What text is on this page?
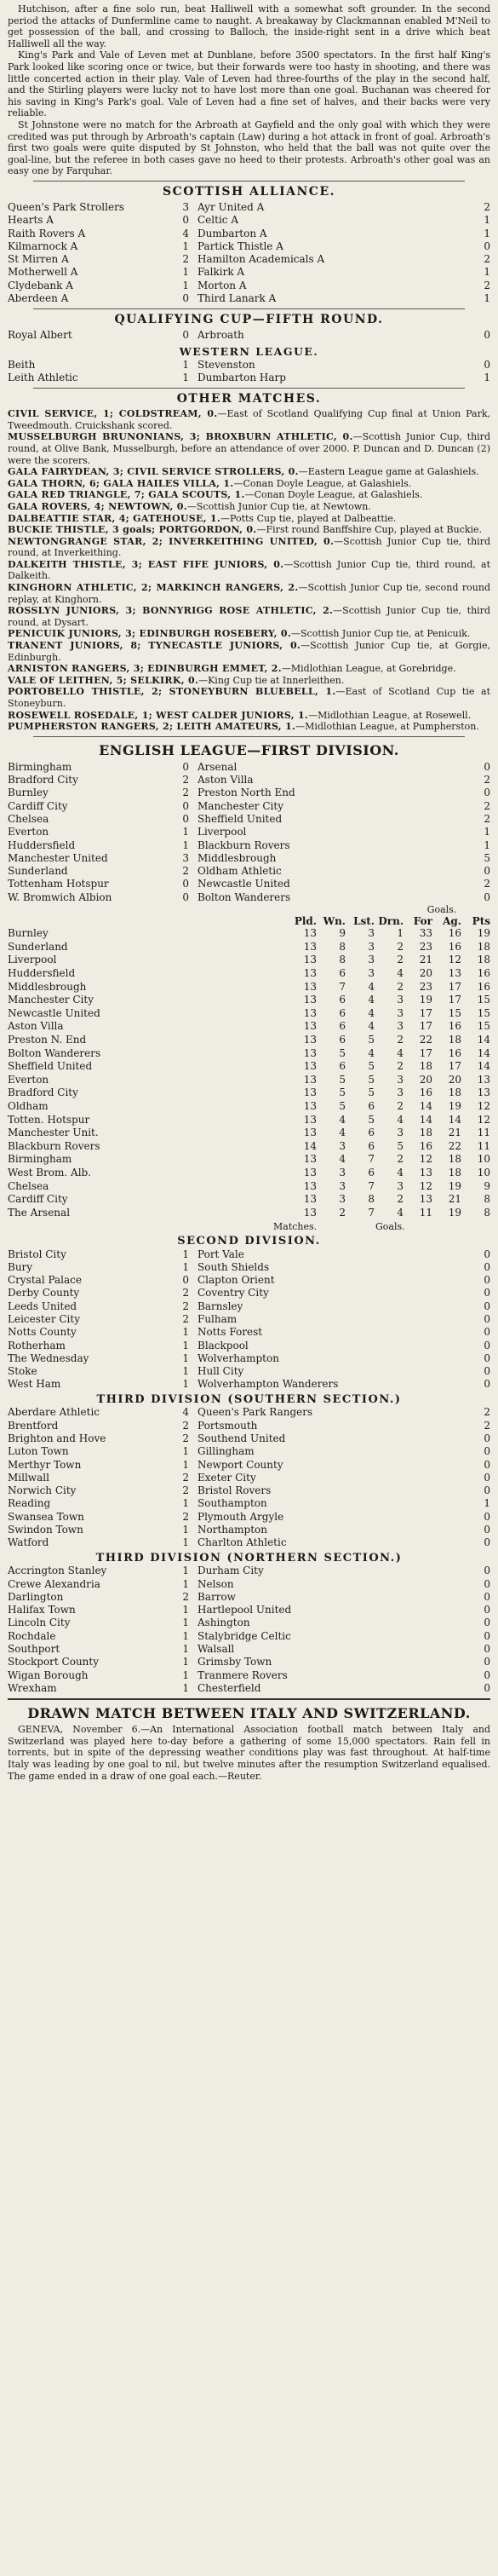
Hutchison, after a fine solo run, beat Halliwell with a somewhat soft grounder. In the second period the attacks of Dunfermline came to naught. A breakaway by Clackmannan enabled M'Neil to get possession of the ball, and crossing to Balloch, the inside-right sent in a drive which beat Halliwell all the way.

King's Park and Vale of Leven met at Dunblane, before 3500 spectators. In the first half King's Park looked like scoring once or twice, but their forwards were too hasty in shooting, and there was little concerted action in their play. Vale of Leven had three-fourths of the play in the second half, and the Stirling players were lucky not to have lost more than one goal. Buchanan was cheered for his saving in King's Park's goal. Vale of Leven had a fine set of halves, and their backs were very reliable.

St Johnstone were no match for the Arbroath at Gayfield and the only goal with which they were credited was put through by Arbroath's captain (Law) during a hot attack in front of goal. Arbroath's first two goals were quite disputed by St Johnston, who held that the ball was not quite over the goal-line, but the referee in both cases gave no heed to their protests. Arbroath's other goal was an easy one by Farquhar.

SCOTTISH ALLIANCE.
Queen's Park Strollers	3 Ayr United A	2
Hearts A	0 Celtic A	1
Raith Rovers A	4 Dumbarton A	1
Kilmarnock A	1 Partick Thistle A	0
St Mirren A	2 Hamilton Academicals A	2
Motherwell A	1 Falkirk A	1
Clydebank A	1 Morton A	2
Aberdeen A	0 Third Lanark A	1
QUALIFYING CUP—FIFTH ROUND.
Royal Albert	0 Arbroath	0
WESTERN LEAGUE.
Beith	1 Stevenston	0
Leith Athletic	1 Dumbarton Harp	1
OTHER MATCHES.

CIVIL SERVICE, 1; COLDSTREAM, 0.—East of Scotland Qualifying Cup final at Union Park, Tweedmouth. Cruickshank scored.

MUSSELBURGH BRUNONIANS, 3; BROXBURN ATHLETIC, 0.—Scottish Junior Cup, third round, at Olive Bank, Musselburgh, before an attendance of over 2000. P. Duncan and D. Duncan (2) were the scorers.

GALA FAIRYDEAN, 3; CIVIL SERVICE STROLLERS, 0.—Eastern League game at Galashiels.

GALA THORN, 6; GALA HAILES VILLA, 1.—Conan Doyle League, at Galashiels.

GALA RED TRIANGLE, 7; GALA SCOUTS, 1.—Conan Doyle League, at Galashiels.

GALA ROVERS, 4; NEWTOWN, 0.—Scottish Junior Cup tie, at Newtown.

DALBEATTIE STAR, 4; GATEHOUSE, 1.—Potts Cup tie, played at Dalbeattie.

BUCKIE THISTLE, 3 goals; PORTGORDON, 0.—First round Banffshire Cup, played at Buckie.

NEWTONGRANGE STAR, 2; INVERKEITHING UNITED, 0.—Scottish Junior Cup tie, third round, at Inverkeithing.

DALKEITH THISTLE, 3; EAST FIFE JUNIORS, 0.—Scottish Junior Cup tie, third round, at Dalkeith.

KINGHORN ATHLETIC, 2; MARKINCH RANGERS, 2.—Scottish Junior Cup tie, second round replay, at Kinghorn.

ROSSLYN JUNIORS, 3; BONNYRIGG ROSE ATHLETIC, 2.—Scottish Junior Cup tie, third round, at Dysart.

PENICUIK JUNIORS, 3; EDINBURGH ROSEBERY, 0.—Scottish Junior Cup tie, at Penicuik.

TRANENT JUNIORS, 8; TYNECASTLE JUNIORS, 0.—Scottish Junior Cup tie, at Gorgie, Edinburgh.

ARNISTON RANGERS, 3; EDINBURGH EMMET, 2.—Midlothian League, at Gorebridge.

VALE OF LEITHEN, 5; SELKIRK, 0.—King Cup tie at Innerleithen.

PORTOBELLO THISTLE, 2; STONEYBURN BLUEBELL, 1.—East of Scotland Cup tie at Stoneyburn.

ROSEWELL ROSEDALE, 1; WEST CALDER JUNIORS, 1.—Midlothian League, at Rosewell.

PUMPHERSTON RANGERS, 2; LEITH AMATEURS, 1.—Midlothian League, at Pumpherston.

ENGLISH LEAGUE—FIRST DIVISION.
Birmingham	0 Arsenal	0
Bradford City	2 Aston Villa	2
Burnley	2 Preston North End	0
Cardiff City	0 Manchester City	2
Chelsea	0 Sheffield United	2
Everton	1 Liverpool	1
Huddersfield	1 Blackburn Rovers	1
Manchester United	3 Middlesbrough	5
Sunderland	2 Oldham Athletic	0
Tottenham Hotspur	0 Newcastle United	2
W. Bromwich Albion	0 Bolton Wanderers	0
Goals.
	Pld.	Wn.	Lst.	Drn.	For	Ag.	Pts
Burnley	13	9	3	1	33	16	19
Sunderland	13	8	3	2	23	16	18
Liverpool	13	8	3	2	21	12	18
Huddersfield	13	6	3	4	20	13	16
Middlesbrough	13	7	4	2	23	17	16
Manchester City	13	6	4	3	19	17	15
Newcastle United	13	6	4	3	17	15	15
Aston Villa	13	6	4	3	17	16	15
Preston N. End	13	6	5	2	22	18	14
Bolton Wanderers	13	5	4	4	17	16	14
Sheffield United	13	6	5	2	18	17	14
Everton	13	5	5	3	20	20	13
Bradford City	13	5	5	3	16	18	13
Oldham	13	5	6	2	14	19	12
Totten. Hotspur	13	4	5	4	14	14	12
Manchester Unit.	13	4	6	3	18	21	11
Blackburn Rovers	14	3	6	5	16	22	11
Birmingham	13	4	7	2	12	18	10
West Brom. Alb.	13	3	6	4	13	18	10
Chelsea	13	3	7	3	12	19	9
Cardiff City	13	3	8	2	13	21	8
The Arsenal	13	2	7	4	11	19	8
Matches.	Goals.
SECOND DIVISION.
Bristol City	1 Port Vale	0
Bury	1 South Shields	0
Crystal Palace	0 Clapton Orient	0
Derby County	2 Coventry City	0
Leeds United	2 Barnsley	0
Leicester City	2 Fulham	0
Notts County	1 Notts Forest	0
Rotherham	1 Blackpool	0
The Wednesday	1 Wolverhampton	0
Stoke	1 Hull City	0
West Ham	1 Wolverhampton Wanderers	0
THIRD DIVISION (SOUTHERN SECTION.)
Aberdare Athletic	4 Queen's Park Rangers	2
Brentford	2 Portsmouth	2
Brighton and Hove	2 Southend United	0
Luton Town	1 Gillingham	0
Merthyr Town	1 Newport County	0
Millwall	2 Exeter City	0
Norwich City	2 Bristol Rovers	0
Reading	1 Southampton	1
Swansea Town	2 Plymouth Argyle	0
Swindon Town	1 Northampton	0
Watford	1 Charlton Athletic	0
THIRD DIVISION (NORTHERN SECTION.)
Accrington Stanley	1 Durham City	0
Crewe Alexandria	1 Nelson	0
Darlington	2 Barrow	0
Halifax Town	1 Hartlepool United	0
Lincoln City	1 Ashington	0
Rochdale	1 Stalybridge Celtic	0
Southport	1 Walsall	0
Stockport County	1 Grimsby Town	0
Wigan Borough	1 Tranmere Rovers	0
Wrexham	1 Chesterfield	0
DRAWN MATCH BETWEEN ITALY AND SWITZERLAND.

GENEVA, November 6.—An International Association football match between Italy and Switzerland was played here to-day before a gathering of some 15,000 spectators. Rain fell in torrents, but in spite of the depressing weather conditions play was fast throughout. At half-time Italy was leading by one goal to nil, but twelve minutes after the resumption Switzerland equalised. The game ended in a draw of one goal each.—Reuter.
